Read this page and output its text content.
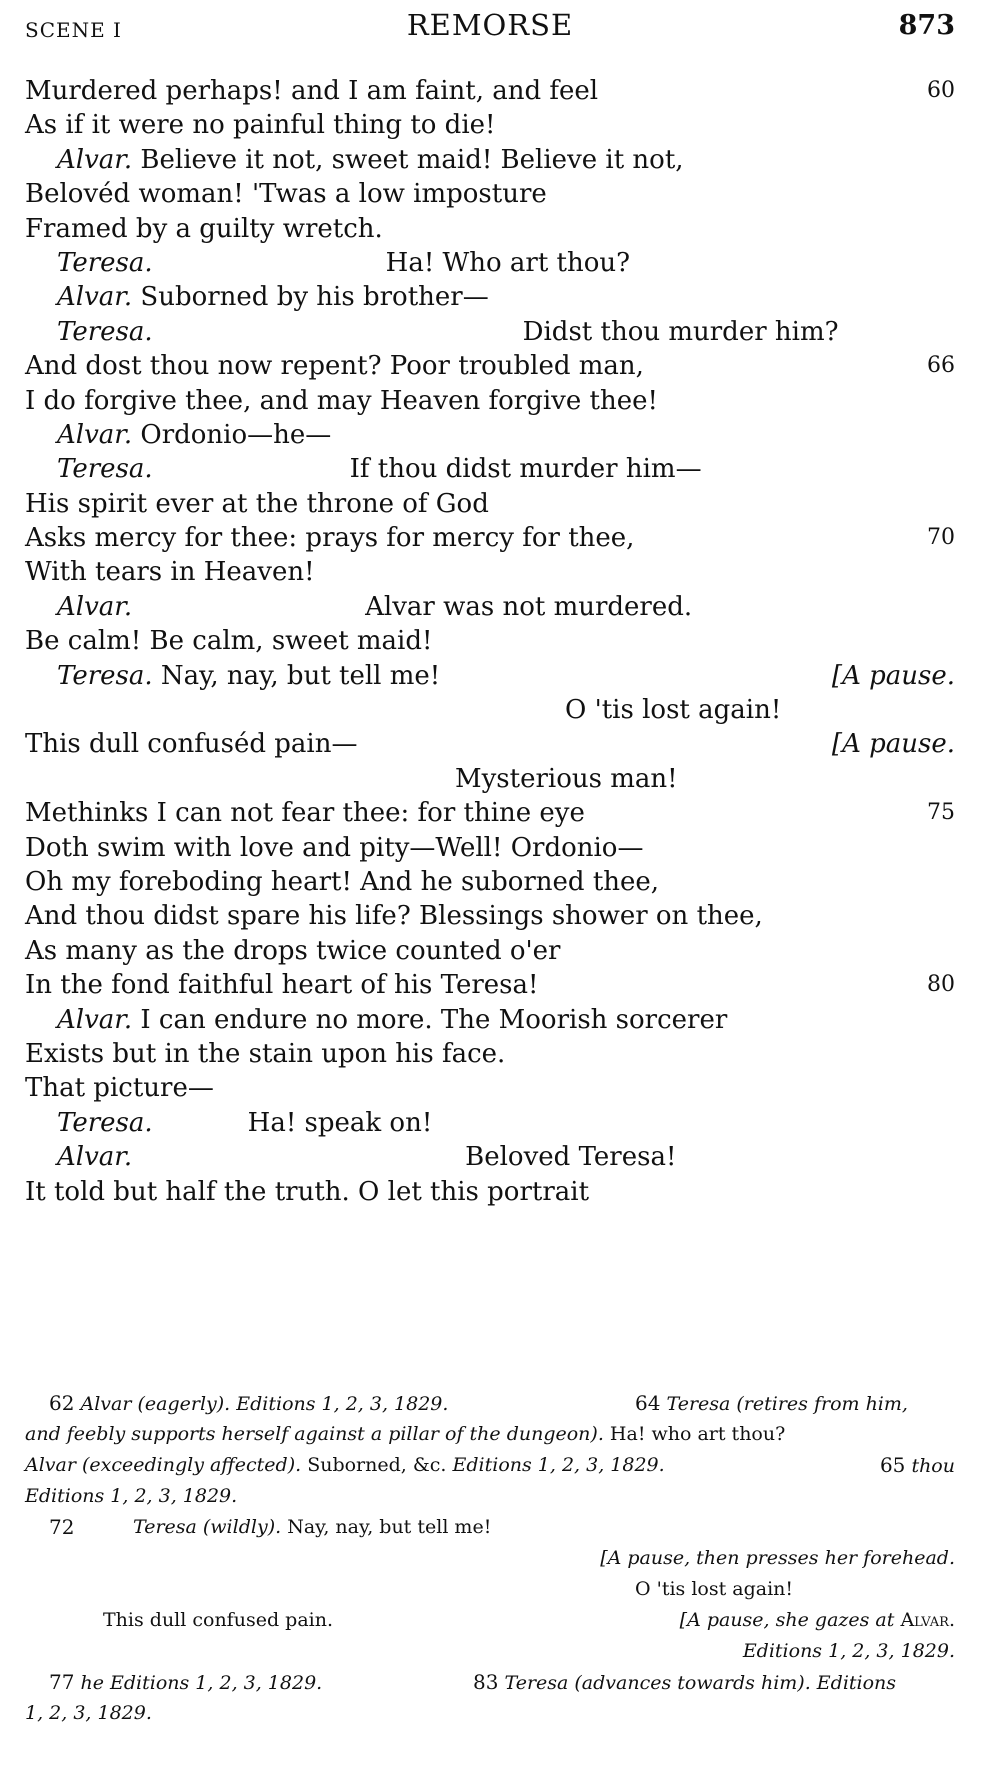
SCENE I	REMORSE	873
Murdered perhaps! and I am faint, and feel	60
As if it were no painful thing to die!
Alvar. Believe it not, sweet maid! Believe it not,
Belovéd woman! 'Twas a low imposture
Framed by a guilty wretch.
Teresa.	Ha! Who art thou?
Alvar. Suborned by his brother—
Teresa.	Didst thou murder him?
And dost thou now repent? Poor troubled man,	66
I do forgive thee, and may Heaven forgive thee!
Alvar. Ordonio—he—
Teresa.	If thou didst murder him—
His spirit ever at the throne of God
Asks mercy for thee: prays for mercy for thee,	70
With tears in Heaven!
Alvar.	Alvar was not murdered.
Be calm! Be calm, sweet maid!
Teresa. Nay, nay, but tell me!	[A pause.
O 'tis lost again!
This dull confuséd pain—	[A pause.
Mysterious man!
Methinks I can not fear thee: for thine eye	75
Doth swim with love and pity—Well! Ordonio—
Oh my foreboding heart! And he suborned thee,
And thou didst spare his life? Blessings shower on thee,
As many as the drops twice counted o'er
In the fond faithful heart of his Teresa!	80
Alvar. I can endure no more. The Moorish sorcerer
Exists but in the stain upon his face.
That picture—
Teresa.	Ha! speak on!
Alvar.	Beloved Teresa!
It told but half the truth. O let this portrait
62 Alvar (eagerly). Editions 1, 2, 3, 1829.	64 Teresa (retires from him,
and feebly supports herself against a pillar of the dungeon). Ha! who art thou?
Alvar (exceedingly affected). Suborned, &c. Editions 1, 2, 3, 1829.	65 thou
Editions 1, 2, 3, 1829.
72	Teresa (wildly). Nay, nay, but tell me!
[A pause, then presses her forehead.
O 'tis lost again!
This dull confused pain.	[A pause, she gazes at Alvar.
Editions 1, 2, 3, 1829.
77 he Editions 1, 2, 3, 1829.	83 Teresa (advances towards him). Editions
1, 2, 3, 1829.
